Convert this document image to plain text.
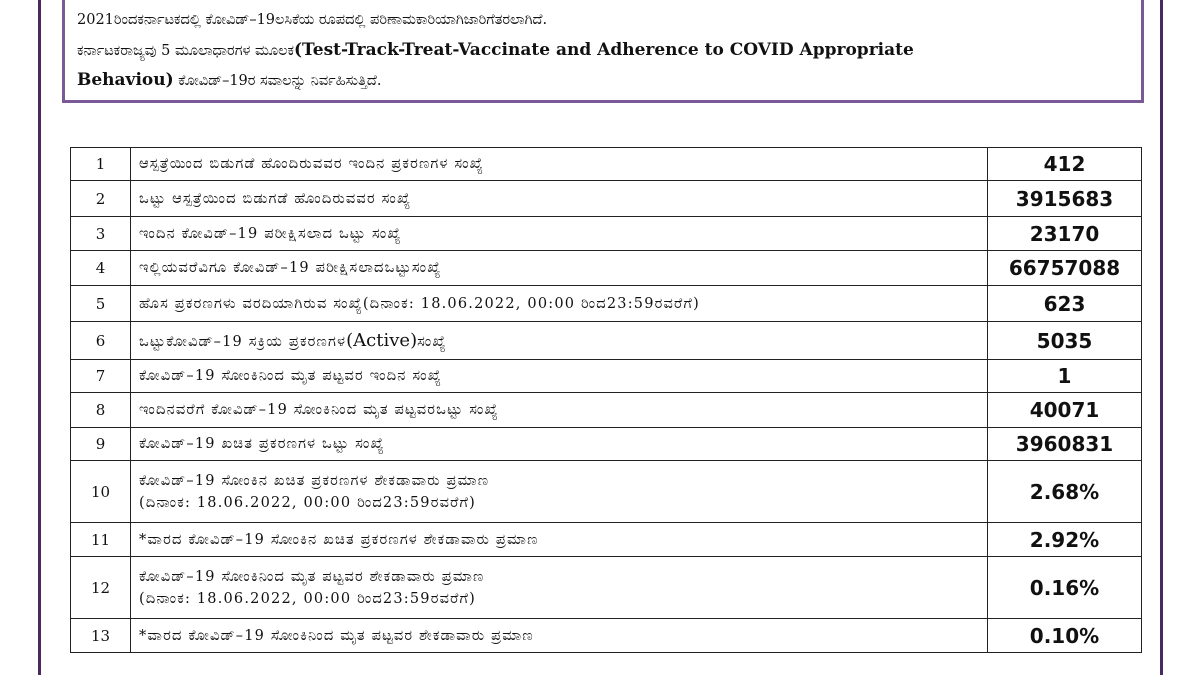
2021ರಿಂದಕರ್ನಾಟಕದಲ್ಲಿ ಕೋವಿಡ್–19ಲಸಿಕೆಯ ರೂಪದಲ್ಲಿ ಪರಿಣಾಮಕಾರಿಯಾಗಿಜಾರಿಗೆತರಲಾಗಿದೆ.
ಕರ್ನಾಟಕರಾಜ್ಯವು 5 ಮೂಲಾಧಾರಗಳ ಮೂಲಕ(Test-Track-Treat-Vaccinate and Adherence to COVID Appropriate
Behaviou) ಕೋವಿಡ್–19ರ ಸವಾಲನ್ನು ನಿರ್ವಹಿಸುತ್ತಿದೆ.
1	ಆಸ್ಪತ್ರೆಯಿಂದ ಬಿಡುಗಡೆ ಹೊಂದಿರುವವರ ಇಂದಿನ ಪ್ರಕರಣಗಳ ಸಂಖ್ಯೆ	412
2	ಒಟ್ಟು ಆಸ್ಪತ್ರೆಯಿಂದ ಬಿಡುಗಡೆ ಹೊಂದಿರುವವರ ಸಂಖ್ಯೆ	3915683
3	ಇಂದಿನ ಕೋವಿಡ್–19 ಪರೀಕ್ಷಿಸಲಾದ ಒಟ್ಟು ಸಂಖ್ಯೆ	23170
4	ಇಲ್ಲಿಯವರೆವಿಗೂ ಕೋವಿಡ್–19 ಪರೀಕ್ಷಿಸಲಾದಒಟ್ಟುಸಂಖ್ಯೆ	66757088
5	ಹೊಸ ಪ್ರಕರಣಗಳು ವರದಿಯಾಗಿರುವ ಸಂಖ್ಯೆ(ದಿನಾಂಕ: 18.06.2022, 00:00 ರಿಂದ23:59ರವರೆಗೆ)	623
6	ಒಟ್ಟುಕೋವಿಡ್–19 ಸಕ್ರಿಯ ಪ್ರಕರಣಗಳ(Active)ಸಂಖ್ಯೆ	5035
7	ಕೋವಿಡ್–19 ಸೋಂಕಿನಿಂದ ಮೃತ ಪಟ್ಟವರ ಇಂದಿನ ಸಂಖ್ಯೆ	1
8	ಇಂದಿನವರೆಗೆ ಕೋವಿಡ್–19 ಸೋಂಕಿನಿಂದ ಮೃತ ಪಟ್ಟವರಒಟ್ಟು ಸಂಖ್ಯೆ	40071
9	ಕೋವಿಡ್–19 ಖಚಿತ ಪ್ರಕರಣಗಳ ಒಟ್ಟು ಸಂಖ್ಯೆ	3960831
10	ಕೋವಿಡ್–19 ಸೋಂಕಿನ ಖಚಿತ ಪ್ರಕರಣಗಳ ಶೇಕಡಾವಾರು ಪ್ರಮಾಣ
(ದಿನಾಂಕ: 18.06.2022, 00:00 ರಿಂದ23:59ರವರೆಗೆ)	2.68%
11	*ವಾರದ ಕೋವಿಡ್–19 ಸೋಂಕಿನ ಖಚಿತ ಪ್ರಕರಣಗಳ ಶೇಕಡಾವಾರು ಪ್ರಮಾಣ	2.92%
12	ಕೋವಿಡ್–19 ಸೋಂಕಿನಿಂದ ಮೃತ ಪಟ್ಟವರ ಶೇಕಡಾವಾರು ಪ್ರಮಾಣ
(ದಿನಾಂಕ: 18.06.2022, 00:00 ರಿಂದ23:59ರವರೆಗೆ)	0.16%
13	*ವಾರದ ಕೋವಿಡ್–19 ಸೋಂಕಿನಿಂದ ಮೃತ ಪಟ್ಟವರ ಶೇಕಡಾವಾರು ಪ್ರಮಾಣ	0.10%
